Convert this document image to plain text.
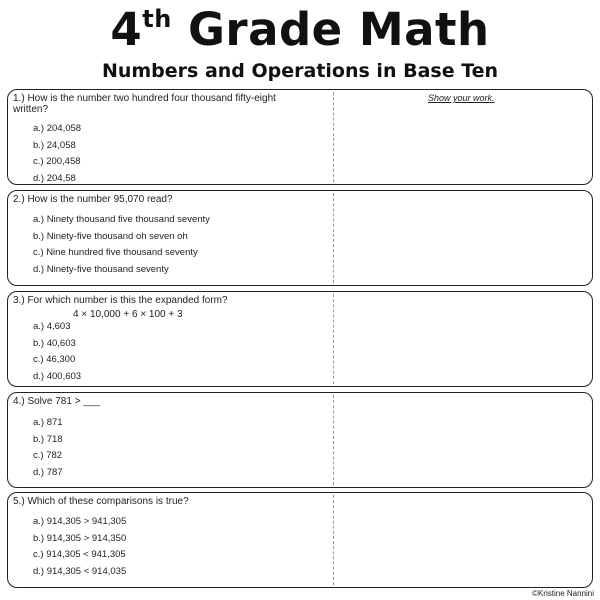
4th Grade Math
Numbers and Operations in Base Ten
1.) How is the number two hundred four thousand fifty-eight written?
a.) 204,058
b.) 24,058
c.) 200,458
d.) 204,58
Show your work.
2.) How is the number 95,070 read?
a.) Ninety thousand five thousand seventy
b.) Ninety-five thousand oh seven oh
c.) Nine hundred five thousand seventy
d.) Ninety-five thousand seventy
3.) For which number is this the expanded form?
4 × 10,000 + 6 × 100 + 3
a.) 4,603
b.) 40,603
c.) 46,300
d.) 400,603
4.) Solve 781 > ___
a.) 871
b.) 718
c.) 782
d.) 787
5.) Which of these comparisons is true?
a.) 914,305 > 941,305
b.) 914,305 > 914,350
c.) 914,305 < 941,305
d.) 914,305 < 914,035
©Kristine Nannini
